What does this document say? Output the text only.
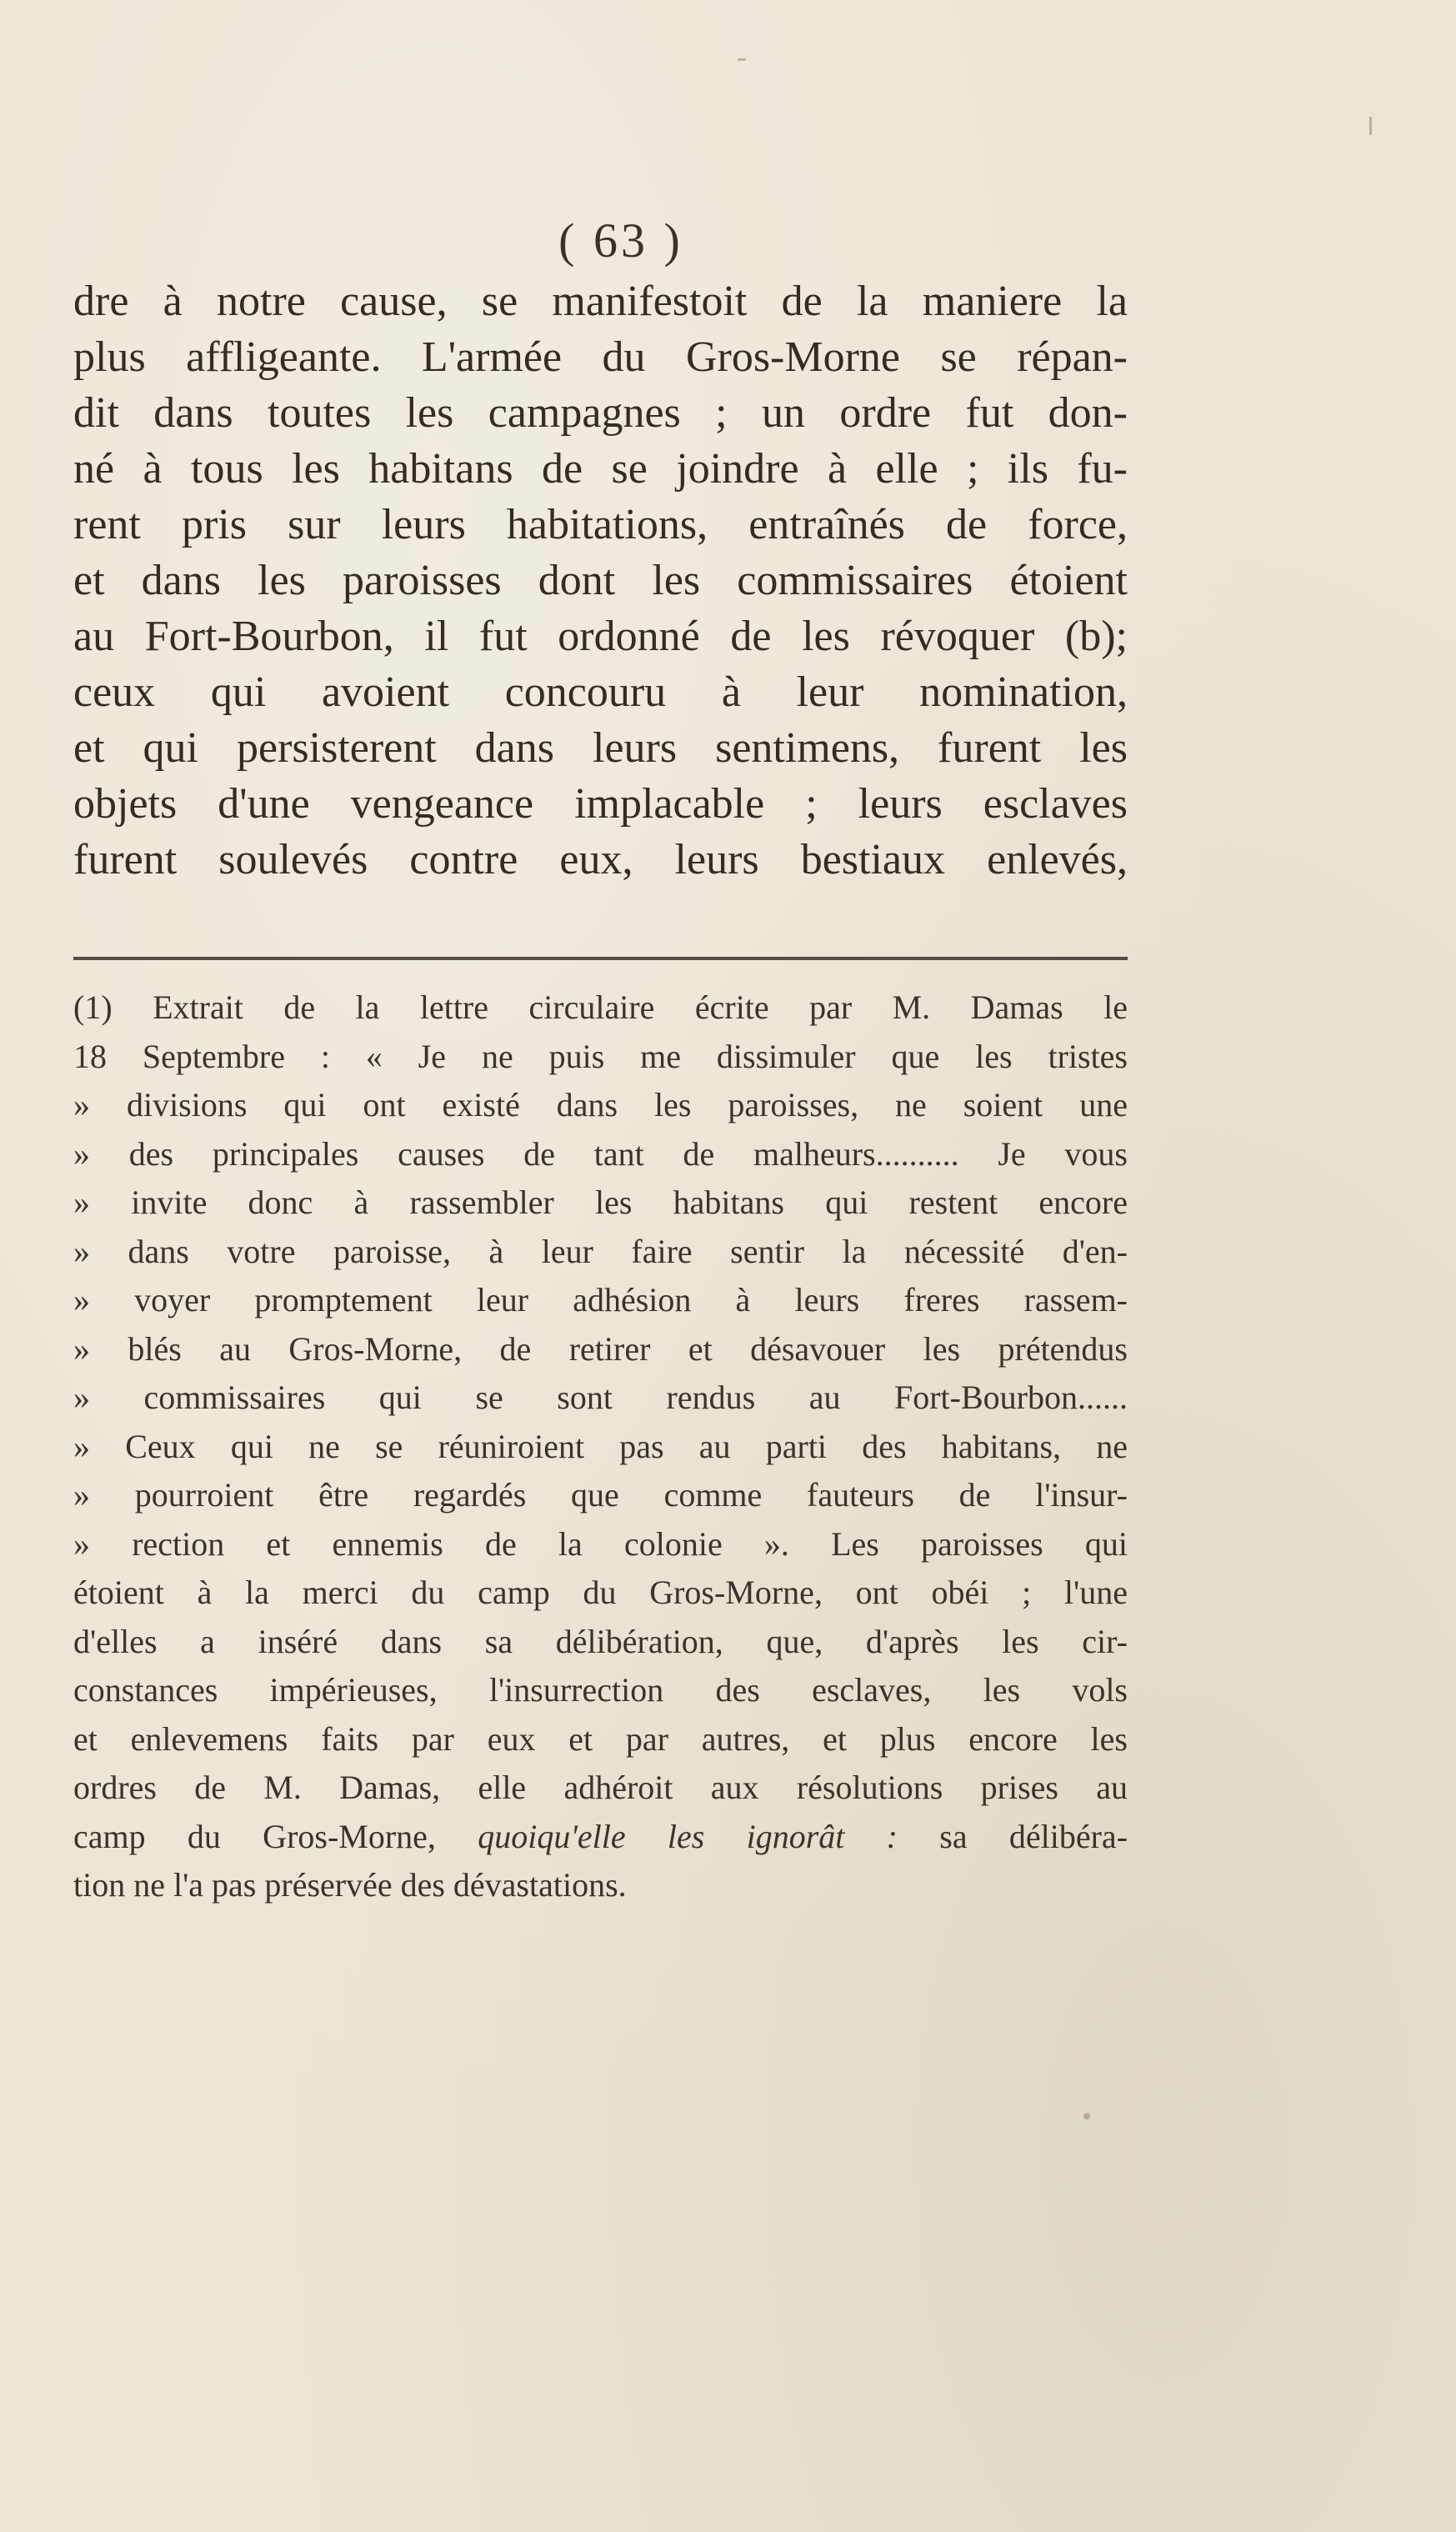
( 63 )
dre à notre cause, se manifestoit de la maniere la
plus affligeante. L'armée du Gros-Morne se répan-
dit dans toutes les campagnes ; un ordre fut don-
né à tous les habitans de se joindre à elle ; ils fu-
rent pris sur leurs habitations, entraînés de force,
et dans les paroisses dont les commissaires étoient
au Fort-Bourbon, il fut ordonné de les révoquer (b);
ceux qui avoient concouru à leur nomination,
et qui persisterent dans leurs sentimens, furent les
objets d'une vengeance implacable ; leurs esclaves
furent soulevés contre eux, leurs bestiaux enlevés,
(1) Extrait de la lettre circulaire écrite par M. Damas le
18 Septembre : « Je ne puis me dissimuler que les tristes
» divisions qui ont existé dans les paroisses, ne soient une
» des principales causes de tant de malheurs.......... Je vous
» invite donc à rassembler les habitans qui restent encore
» dans votre paroisse, à leur faire sentir la nécessité d'en-
» voyer promptement leur adhésion à leurs freres rassem-
» blés au Gros-Morne, de retirer et désavouer les prétendus
» commissaires qui se sont rendus au Fort-Bourbon......
» Ceux qui ne se réuniroient pas au parti des habitans, ne
» pourroient être regardés que comme fauteurs de l'insur-
» rection et ennemis de la colonie ». Les paroisses qui
étoient à la merci du camp du Gros-Morne, ont obéi ; l'une
d'elles a inséré dans sa délibération, que, d'après les cir-
constances impérieuses, l'insurrection des esclaves, les vols
et enlevemens faits par eux et par autres, et plus encore les
ordres de M. Damas, elle adhéroit aux résolutions prises au
camp du Gros-Morne, quoiqu'elle les ignorât : sa délibéra-
tion ne l'a pas préservée des dévastations.
